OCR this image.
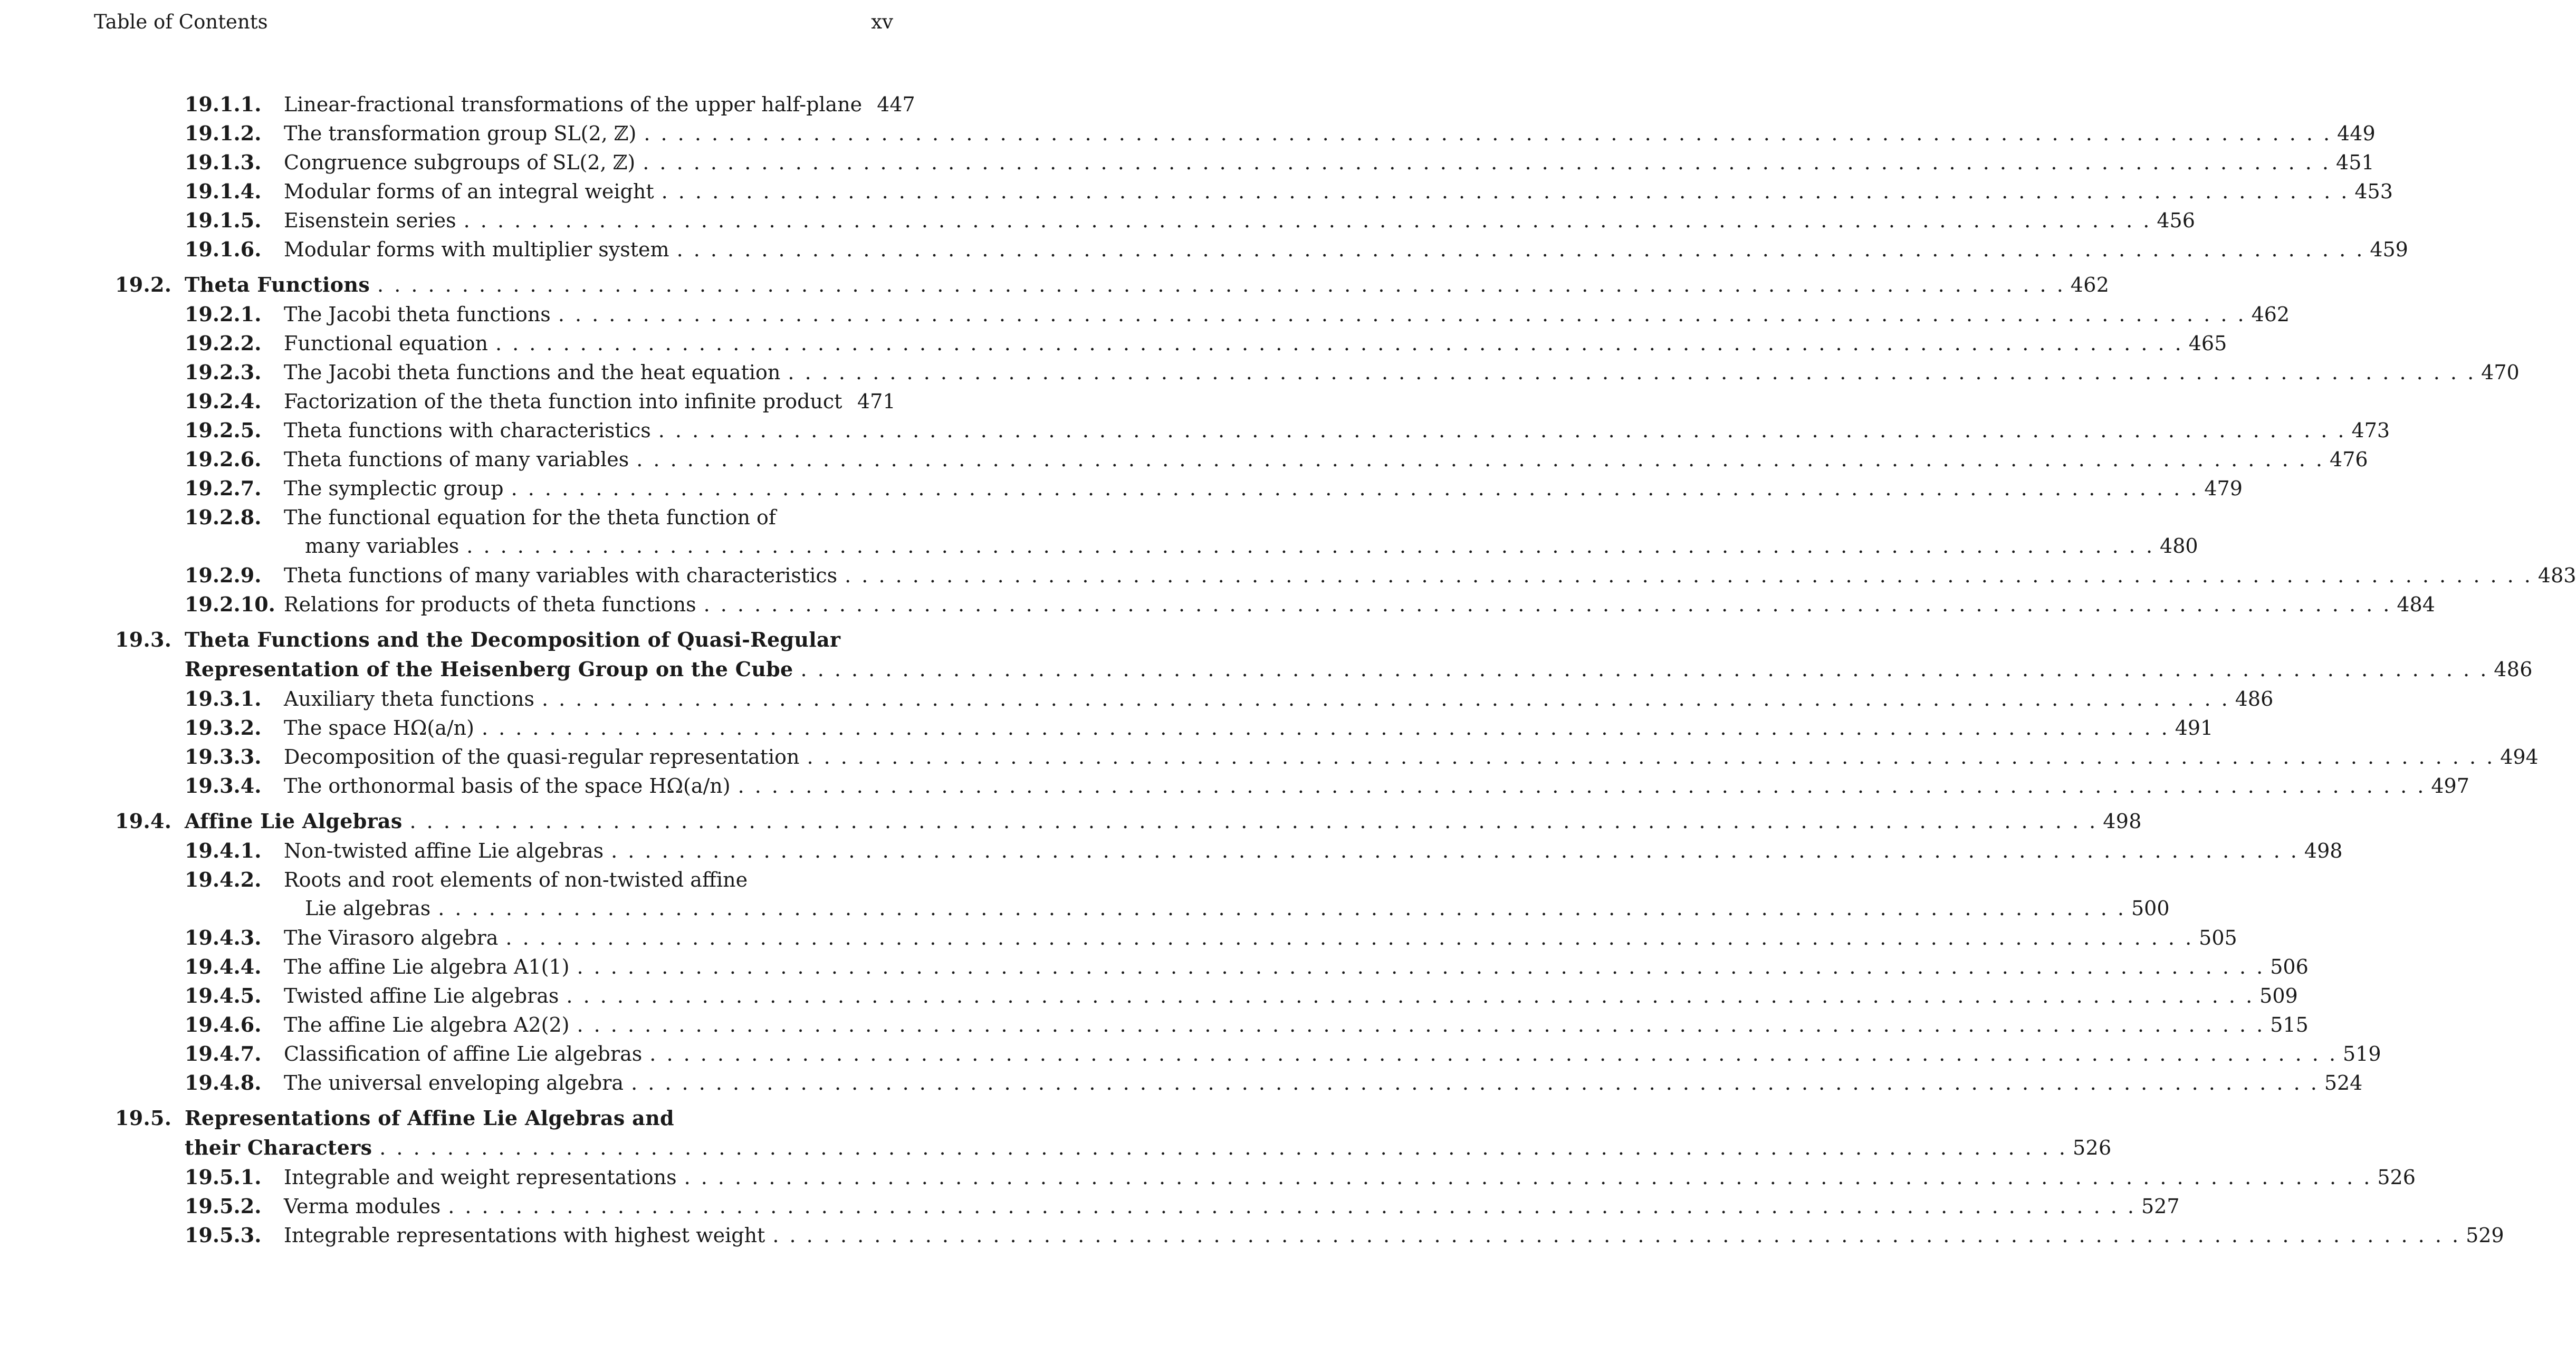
Table of Contents	xv
19.1.1.	Linear-fractional transformations of the upper half-plane 447
19.1.2.	The transformation group SL(2, ℤ) . . .	449
19.1.3.	Congruence subgroups of SL(2, ℤ) . . .	451
19.1.4.	Modular forms of an integral weight . . .	453
19.1.5.	Eisenstein series . . .	456
19.1.6.	Modular forms with multiplier system . . .	459
19.2. Theta Functions . . .	462
19.2.1.	The Jacobi theta functions . . .	462
19.2.2.	Functional equation . . .	465
19.2.3.	The Jacobi theta functions and the heat equation . . .	470
19.2.4.	Factorization of the theta function into infinite product 471
19.2.5.	Theta functions with characteristics . . .	473
19.2.6.	Theta functions of many variables . . .	476
19.2.7.	The symplectic group . . .	479
19.2.8.	The functional equation for the theta function of
many variables . . .	480
19.2.9.	Theta functions of many variables with characteristics . . .	483
19.2.10. Relations for products of theta functions . . .	484
19.3. Theta Functions and the Decomposition of Quasi-Regular
Representation of the Heisenberg Group on the Cube . . .	486
19.3.1.	Auxiliary theta functions . . .	486
19.3.2.	The space HΩ(a/n) . . .	491
19.3.3.	Decomposition of the quasi-regular representation . . .	494
19.3.4.	The orthonormal basis of the space HΩ(a/n) . . .	497
19.4. Affine Lie Algebras . . .	498
19.4.1.	Non-twisted affine Lie algebras . . .	498
19.4.2.	Roots and root elements of non-twisted affine
Lie algebras . . .	500
19.4.3.	The Virasoro algebra . . .	505
19.4.4.	The affine Lie algebra A1(1) . . .	506
19.4.5.	Twisted affine Lie algebras . . .	509
19.4.6.	The affine Lie algebra A2(2) . . .	515
19.4.7.	Classification of affine Lie algebras . . .	519
19.4.8.	The universal enveloping algebra . . .	524
19.5. Representations of Affine Lie Algebras and
their Characters . . .	526
19.5.1.	Integrable and weight representations . . .	526
19.5.2.	Verma modules . . .	527
19.5.3.	Integrable representations with highest weight . . .	529
